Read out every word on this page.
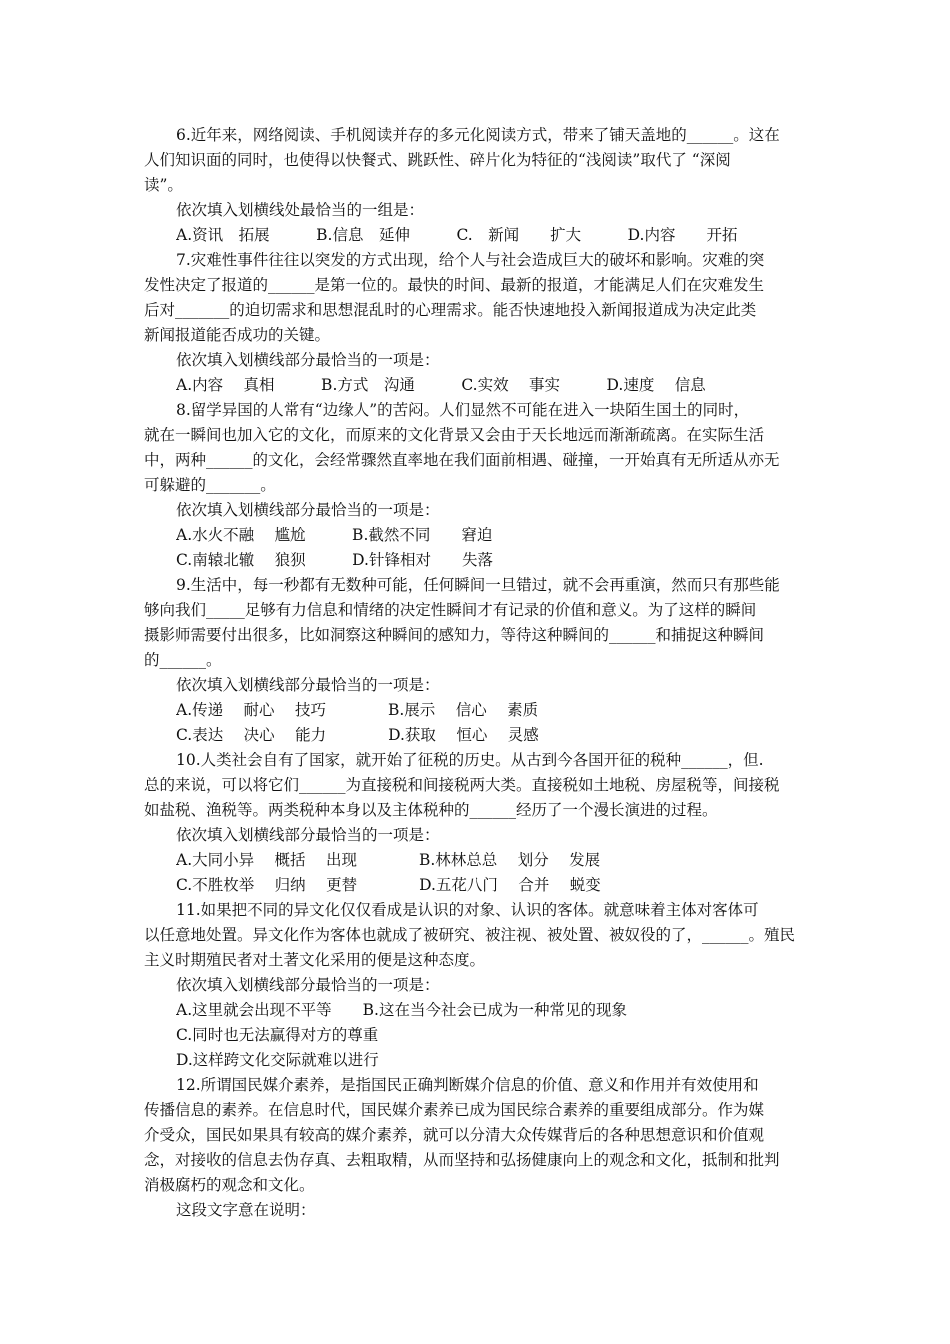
6.近年来，网络阅读、手机阅读并存的多元化阅读方式，带来了铺天盖地的______。这在
人们知识面的同时，也使得以快餐式、跳跃性、碎片化为特征的“浅阅读”取代了 “深阅
读”。
依次填入划横线处最恰当的一组是：
A.资讯　拓展　　　B.信息　延伸　　　C.　新闻　　扩大　　　D.内容　　开拓
7.灾难性事件往往以突发的方式出现，给个人与社会造成巨大的破坏和影响。灾难的突
发性决定了报道的______是第一位的。最快的时间、最新的报道，才能满足人们在灾难发生
后对_______的迫切需求和思想混乱时的心理需求。能否快速地投入新闻报道成为决定此类
新闻报道能否成功的关键。
依次填入划横线部分最恰当的一项是：
A.内容　 真相　　　B.方式　沟通　　　C.实效　 事实　　　D.速度　 信息
8.留学异国的人常有“边缘人”的苦闷。人们显然不可能在进入一块陌生国土的同时，
就在一瞬间也加入它的文化，而原来的文化背景又会由于天长地远而渐渐疏离。在实际生活
中，两种______的文化，会经常骤然直率地在我们面前相遇、碰撞，一开始真有无所适从亦无
可躲避的_______。
依次填入划横线部分最恰当的一项是：
A.水火不融　 尴尬　　　B.截然不同　　窘迫
C.南辕北辙　 狼狈　　　D.针锋相对　　失落
9.生活中，每一秒都有无数种可能，任何瞬间一旦错过，就不会再重演，然而只有那些能
够向我们_____足够有力信息和情绪的决定性瞬间才有记录的价值和意义。为了这样的瞬间
摄影师需要付出很多，比如洞察这种瞬间的感知力，等待这种瞬间的______和捕捉这种瞬间
的______。
依次填入划横线部分最恰当的一项是：
A.传递　 耐心　 技巧　　　　B.展示　 信心　 素质
C.表达　 决心　 能力　　　　D.获取　 恒心　 灵感
10.人类社会自有了国家，就开始了征税的历史。从古到今各国开征的税种______，但.
总的来说，可以将它们______为直接税和间接税两大类。直接税如土地税、房屋税等，间接税
如盐税、渔税等。两类税种本身以及主体税种的______经历了一个漫长演进的过程。
依次填入划横线部分最恰当的一项是：
A.大同小异　 概括　 出现　　　　B.林林总总　 划分　 发展
C.不胜枚举　 归纳　 更替　　　　D.五花八门　 合并　 蜕变
11.如果把不同的异文化仅仅看成是认识的对象、认识的客体。就意味着主体对客体可
以任意地处置。异文化作为客体也就成了被研究、被注视、被处置、被奴役的了，______。殖民
主义时期殖民者对土著文化采用的便是这种态度。
依次填入划横线部分最恰当的一项是：
A.这里就会出现不平等　　B.这在当今社会已成为一种常见的现象
C.同时也无法赢得对方的尊重
D.这样跨文化交际就难以进行
12.所谓国民媒介素养，是指国民正确判断媒介信息的价值、意义和作用并有效使用和
传播信息的素养。在信息时代，国民媒介素养已成为国民综合素养的重要组成部分。作为媒
介受众，国民如果具有较高的媒介素养，就可以分清大众传媒背后的各种思想意识和价值观
念，对接收的信息去伪存真、去粗取精，从而坚持和弘扬健康向上的观念和文化，抵制和批判
消极腐朽的观念和文化。
这段文字意在说明：
